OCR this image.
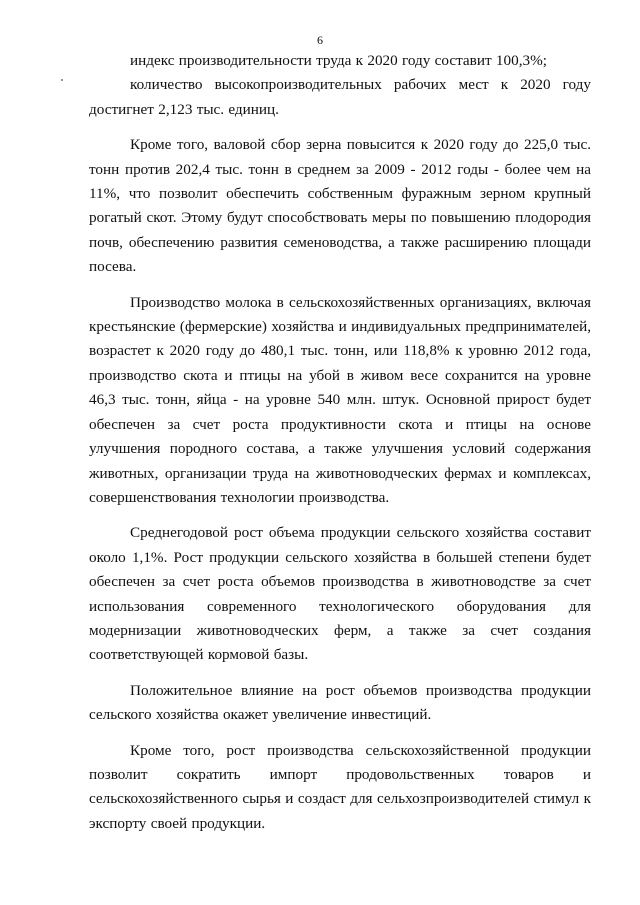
6

индекс производительности труда к 2020 году составит 100,3%;

количество высокопроизводительных рабочих мест к 2020 году достигнет 2,123 тыс. единиц.

Кроме того, валовой сбор зерна повысится к 2020 году до 225,0 тыс. тонн против 202,4 тыс. тонн в среднем за 2009 - 2012 годы - более чем на 11%, что позволит обеспечить собственным фуражным зерном крупный рогатый скот. Этому будут способствовать меры по повышению плодородия почв, обеспечению развития семеноводства, а также расширению площади посева.

Производство молока в сельскохозяйственных организациях, включая крестьянские (фермерские) хозяйства и индивидуальных предпринимателей, возрастет к 2020 году до 480,1 тыс. тонн, или 118,8% к уровню 2012 года, производство скота и птицы на убой в живом весе сохранится на уровне 46,3 тыс. тонн, яйца - на уровне 540 млн. штук. Основной прирост будет обеспечен за счет роста продуктивности скота и птицы на основе улучшения породного состава, а также улучшения условий содержания животных, организации труда на животноводческих фермах и комплексах, совершенствования технологии производства.

Среднегодовой рост объема продукции сельского хозяйства составит около 1,1%. Рост продукции сельского хозяйства в большей степени будет обеспечен за счет роста объемов производства в животноводстве за счет использования современного технологического оборудования для модернизации животноводческих ферм, а также за счет создания соответствующей кормовой базы.

Положительное влияние на рост объемов производства продукции сельского хозяйства окажет увеличение инвестиций.

Кроме того, рост производства сельскохозяйственной продукции позволит сократить импорт продовольственных товаров и сельскохозяйственного сырья и создаст для сельхозпроизводителей стимул к экспорту своей продукции.
